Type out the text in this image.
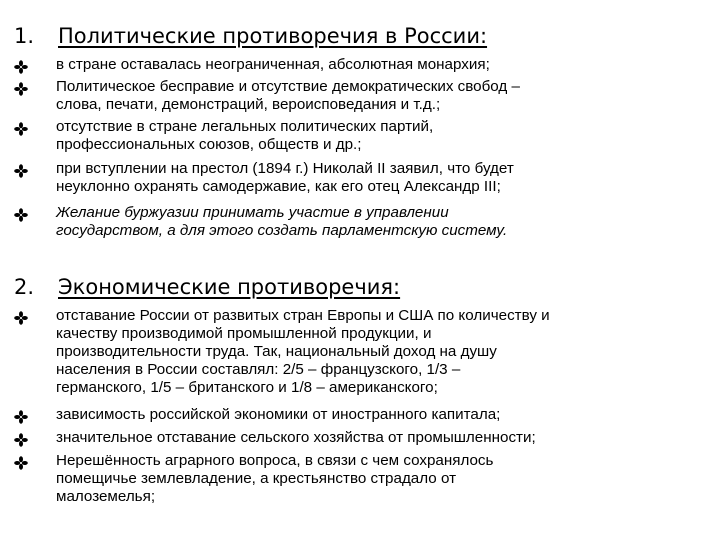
1. Политические противоречия в России:
в стране оставалась неограниченная, абсолютная монархия;
Политическое бесправие и отсутствие демократических свобод –
слова, печати, демонстраций, вероисповедания и т.д.;
отсутствие в стране легальных политических партий,
профессиональных союзов, обществ и др.;
при вступлении на престол (1894 г.) Николай II заявил, что будет
неуклонно охранять самодержавие, как его отец Александр III;
Желание буржуазии принимать участие в управлении
государством, а для этого создать парламентскую систему.
2. Экономические противоречия:
отставание России от развитых стран Европы и США по количеству и
качеству производимой промышленной продукции, и
производительности труда. Так, национальный доход на душу
населения в России составлял: 2/5 – французского, 1/3 –
германского, 1/5 – британского и 1/8 – американского;
зависимость российской экономики от иностранного капитала;
значительное отставание сельского хозяйства от промышленности;
Нерешённость аграрного вопроса, в связи с чем сохранялось
помещичье землевладение, а крестьянство страдало от
малоземелья;
